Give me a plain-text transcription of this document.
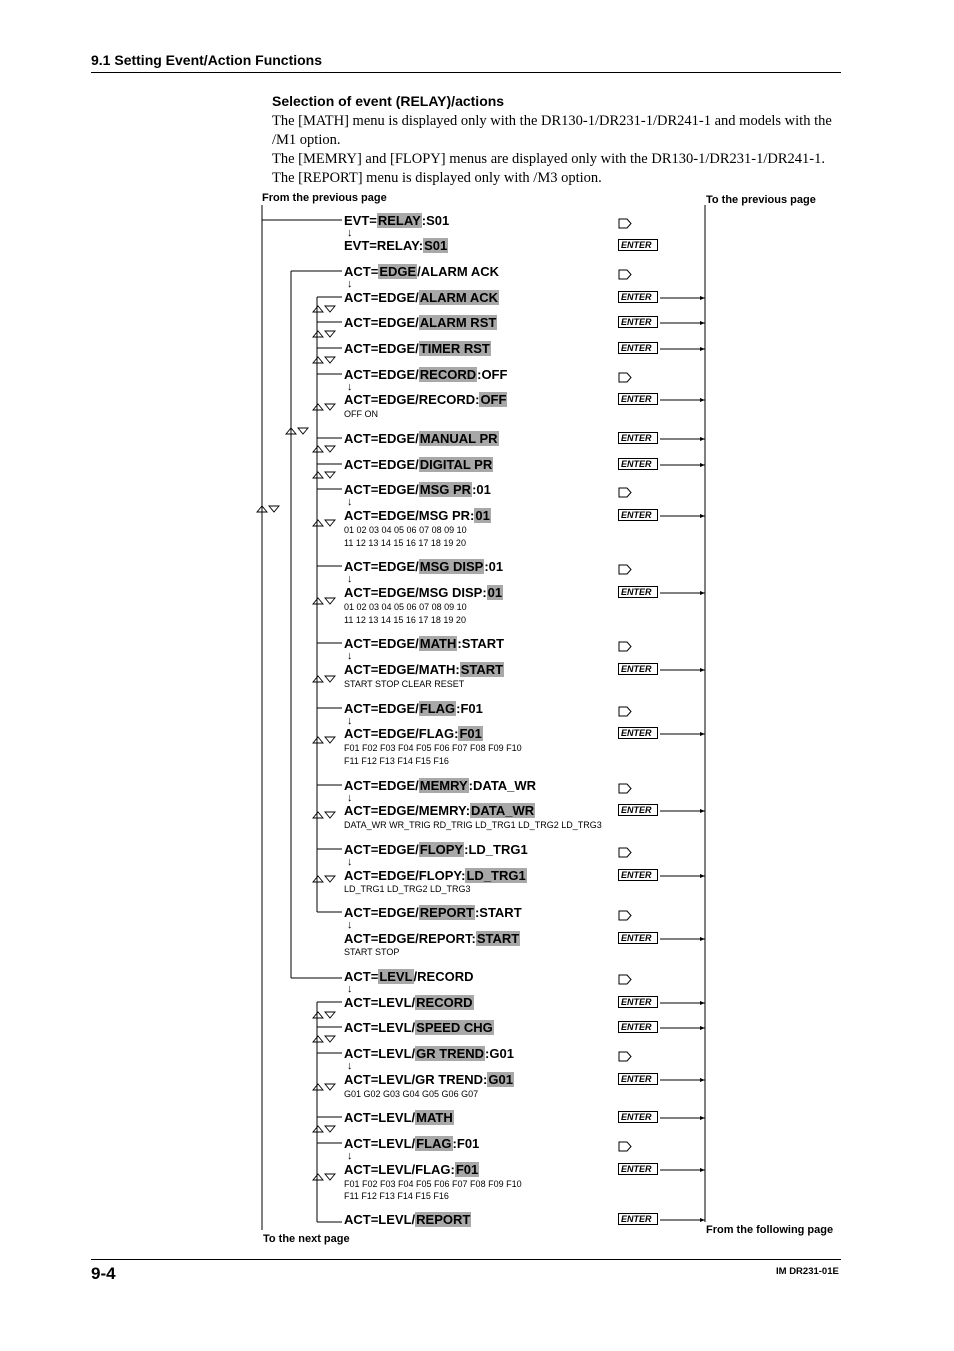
9.1 Setting Event/Action Functions
Selection of event (RELAY)/actions
The [MATH] menu is displayed only with the DR130-1/DR231-1/DR241-1 and models with the /M1 option.
The [MEMRY] and [FLOPY] menus are displayed only with the DR130-1/DR231-1/DR241-1.
The [REPORT] menu is displayed only with /M3 option.
From the previous page	To the previous page
To the next page
From the following page
EVT=RELAY:S01
↓
EVT=RELAY:S01	ENTER
ACT=EDGE/ALARM ACK
↓
ACT=EDGE/ALARM ACK	ENTER
ACT=EDGE/ALARM RST	ENTER
ACT=EDGE/TIMER RST	ENTER
ACT=EDGE/RECORD:OFF
↓
ACT=EDGE/RECORD:OFF	ENTER
ACT=EDGE/MANUAL PR	ENTER
ACT=EDGE/DIGITAL PR	ENTER
ACT=EDGE/MSG PR:01
↓
ACT=EDGE/MSG PR:01	ENTER
ACT=EDGE/MSG DISP:01
↓
ACT=EDGE/MSG DISP:01	ENTER
ACT=EDGE/MATH:START
↓
ACT=EDGE/MATH:START	ENTER
ACT=EDGE/FLAG:F01
↓
ACT=EDGE/FLAG:F01	ENTER
ACT=EDGE/MEMRY:DATA_WR
↓
ACT=EDGE/MEMRY:DATA_WR	ENTER
ACT=EDGE/FLOPY:LD_TRG1
↓
ACT=EDGE/FLOPY:LD_TRG1	ENTER
ACT=EDGE/REPORT:START
↓
ACT=EDGE/REPORT:START	ENTER
ACT=LEVL/RECORD
↓
ACT=LEVL/RECORD	ENTER
ACT=LEVL/SPEED CHG	ENTER
ACT=LEVL/GR TREND:G01
↓
ACT=LEVL/GR TREND:G01	ENTER
ACT=LEVL/MATH	ENTER
ACT=LEVL/FLAG:F01
↓
ACT=LEVL/FLAG:F01	ENTER
ACT=LEVL/REPORT	ENTER
OFF ON
01 02 03 04 05 06 07 08 09 10
11 12 13 14 15 16 17 18 19 20
01 02 03 04 05 06 07 08 09 10
11 12 13 14 15 16 17 18 19 20
START STOP CLEAR RESET
F01 F02 F03 F04 F05 F06 F07 F08 F09 F10
F11 F12 F13 F14 F15 F16
DATA_WR WR_TRIG RD_TRIG LD_TRG1 LD_TRG2 LD_TRG3
LD_TRG1 LD_TRG2 LD_TRG3
START STOP
G01 G02 G03 G04 G05 G06 G07
F01 F02 F03 F04 F05 F06 F07 F08 F09 F10
F11 F12 F13 F14 F15 F16
9-4	IM DR231-01E
